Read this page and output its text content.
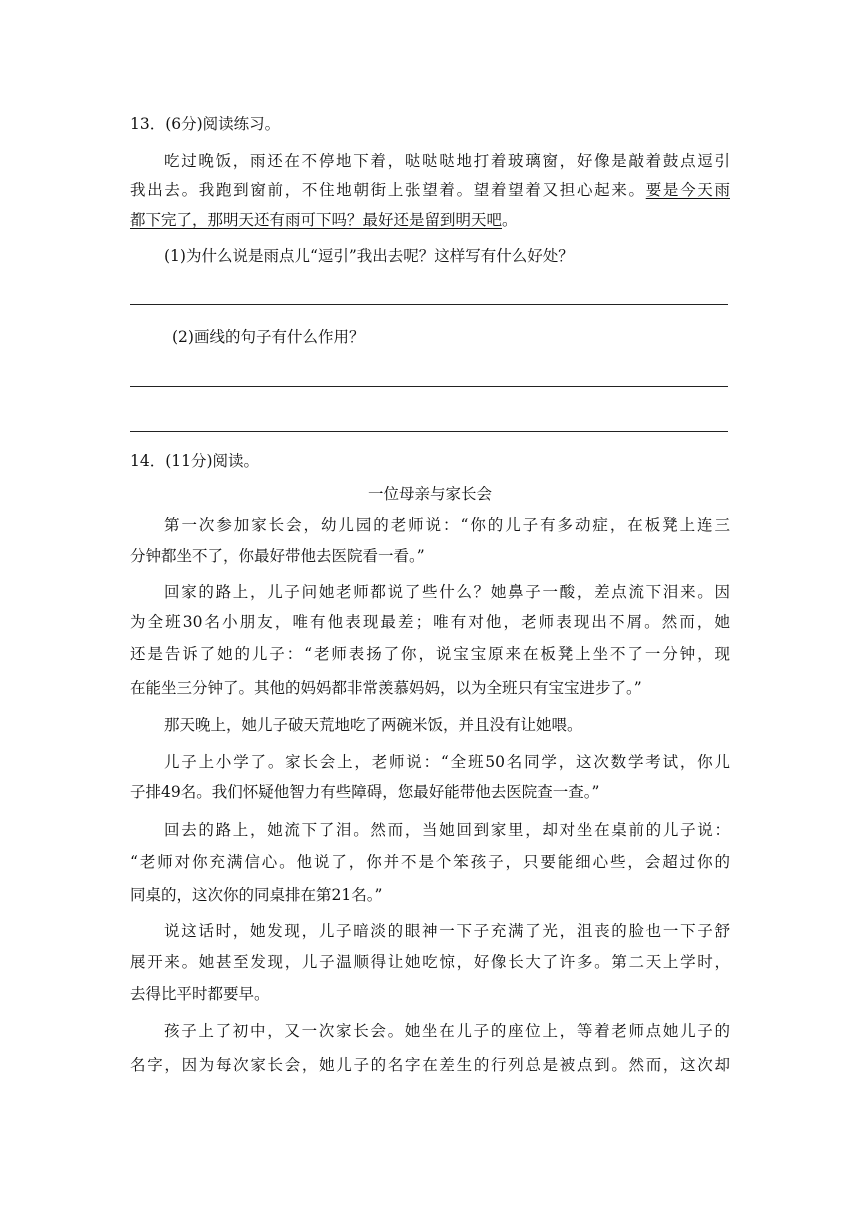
13．(6分)阅读练习。
吃过晚饭，雨还在不停地下着，哒哒哒地打着玻璃窗，好像是敲着鼓点逗引
我出去。我跑到窗前，不住地朝街上张望着。望着望着又担心起来。要是今天雨
都下完了，那明天还有雨可下吗？最好还是留到明天吧。
(1)为什么说是雨点儿“逗引”我出去呢？这样写有什么好处？
(2)画线的句子有什么作用？
14．(11分)阅读。
一位母亲与家长会
第一次参加家长会，幼儿园的老师说：“你的儿子有多动症，在板凳上连三
分钟都坐不了，你最好带他去医院看一看。”
回家的路上，儿子问她老师都说了些什么？她鼻子一酸，差点流下泪来。因
为全班30名小朋友，唯有他表现最差；唯有对他，老师表现出不屑。然而，她
还是告诉了她的儿子：“老师表扬了你，说宝宝原来在板凳上坐不了一分钟，现
在能坐三分钟了。其他的妈妈都非常羡慕妈妈，以为全班只有宝宝进步了。”
那天晚上，她儿子破天荒地吃了两碗米饭，并且没有让她喂。
儿子上小学了。家长会上，老师说：“全班50名同学，这次数学考试，你儿
子排49名。我们怀疑他智力有些障碍，您最好能带他去医院查一查。”
回去的路上，她流下了泪。然而，当她回到家里，却对坐在桌前的儿子说：
“老师对你充满信心。他说了，你并不是个笨孩子，只要能细心些，会超过你的
同桌的，这次你的同桌排在第21名。”
说这话时，她发现，儿子暗淡的眼神一下子充满了光，沮丧的脸也一下子舒
展开来。她甚至发现，儿子温顺得让她吃惊，好像长大了许多。第二天上学时，
去得比平时都要早。
孩子上了初中，又一次家长会。她坐在儿子的座位上，等着老师点她儿子的
名字，因为每次家长会，她儿子的名字在差生的行列总是被点到。然而，这次却
